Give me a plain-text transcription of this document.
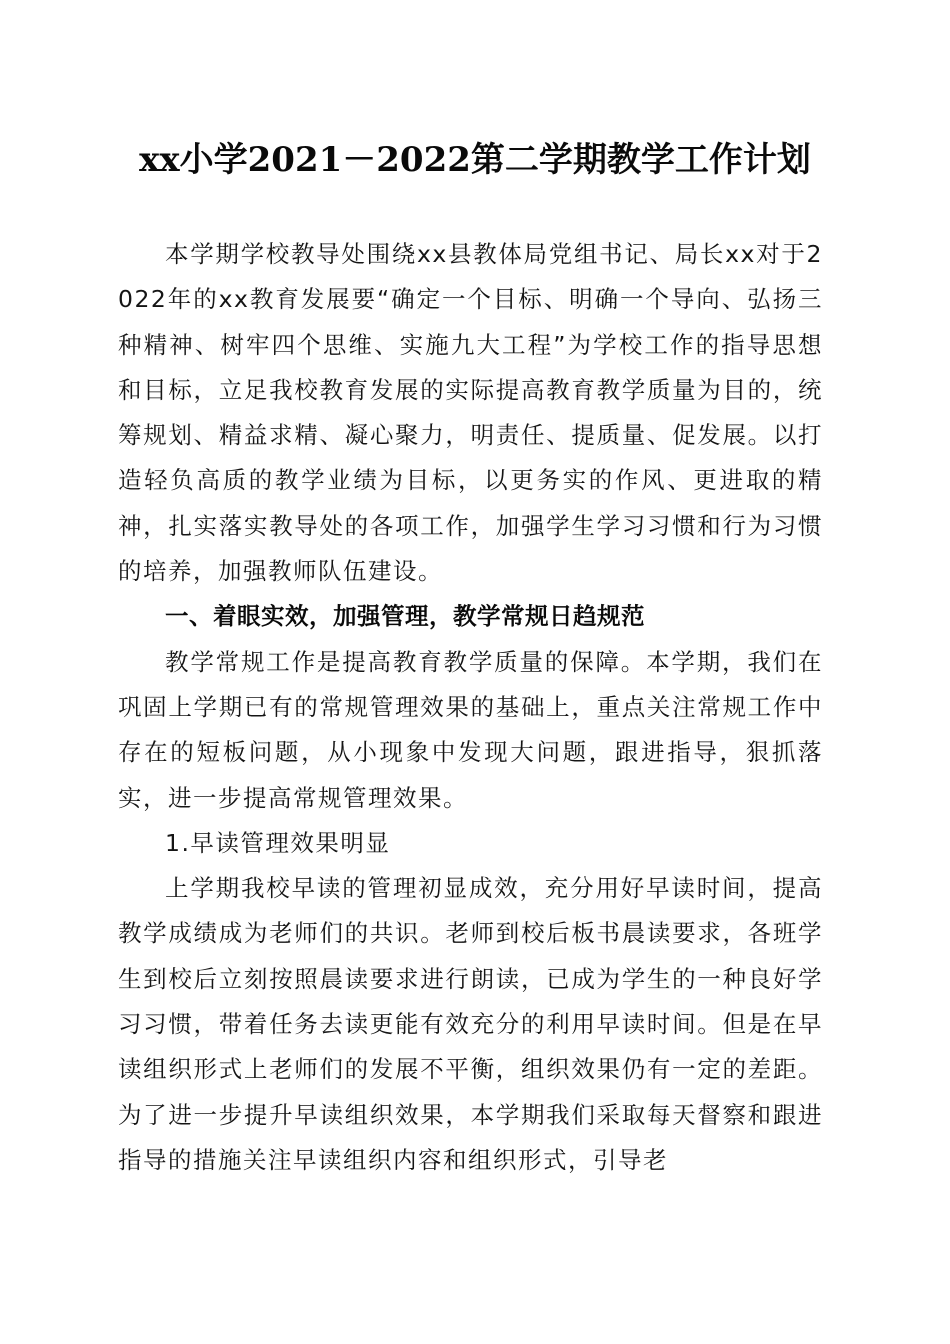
xx小学2021－2022第二学期教学工作计划

本学期学校教导处围绕xx县教体局党组书记、局长xx对于2022年的xx教育发展要“确定一个目标、明确一个导向、弘扬三种精神、树牢四个思维、实施九大工程”为学校工作的指导思想和目标，立足我校教育发展的实际提高教育教学质量为目的，统筹规划、精益求精、凝心聚力，明责任、提质量、促发展。以打造轻负高质的教学业绩为目标，以更务实的作风、更进取的精神，扎实落实教导处的各项工作，加强学生学习习惯和行为习惯的培养，加强教师队伍建设。

一、着眼实效，加强管理，教学常规日趋规范

教学常规工作是提高教育教学质量的保障。本学期，我们在巩固上学期已有的常规管理效果的基础上，重点关注常规工作中存在的短板问题，从小现象中发现大问题，跟进指导，狠抓落实，进一步提高常规管理效果。

1.早读管理效果明显

上学期我校早读的管理初显成效，充分用好早读时间，提高教学成绩成为老师们的共识。老师到校后板书晨读要求，各班学生到校后立刻按照晨读要求进行朗读，已成为学生的一种良好学习习惯，带着任务去读更能有效充分的利用早读时间。但是在早读组织形式上老师们的发展不平衡，组织效果仍有一定的差距。为了进一步提升早读组织效果，本学期我们采取每天督察和跟进指导的措施关注早读组织内容和组织形式，引导老
